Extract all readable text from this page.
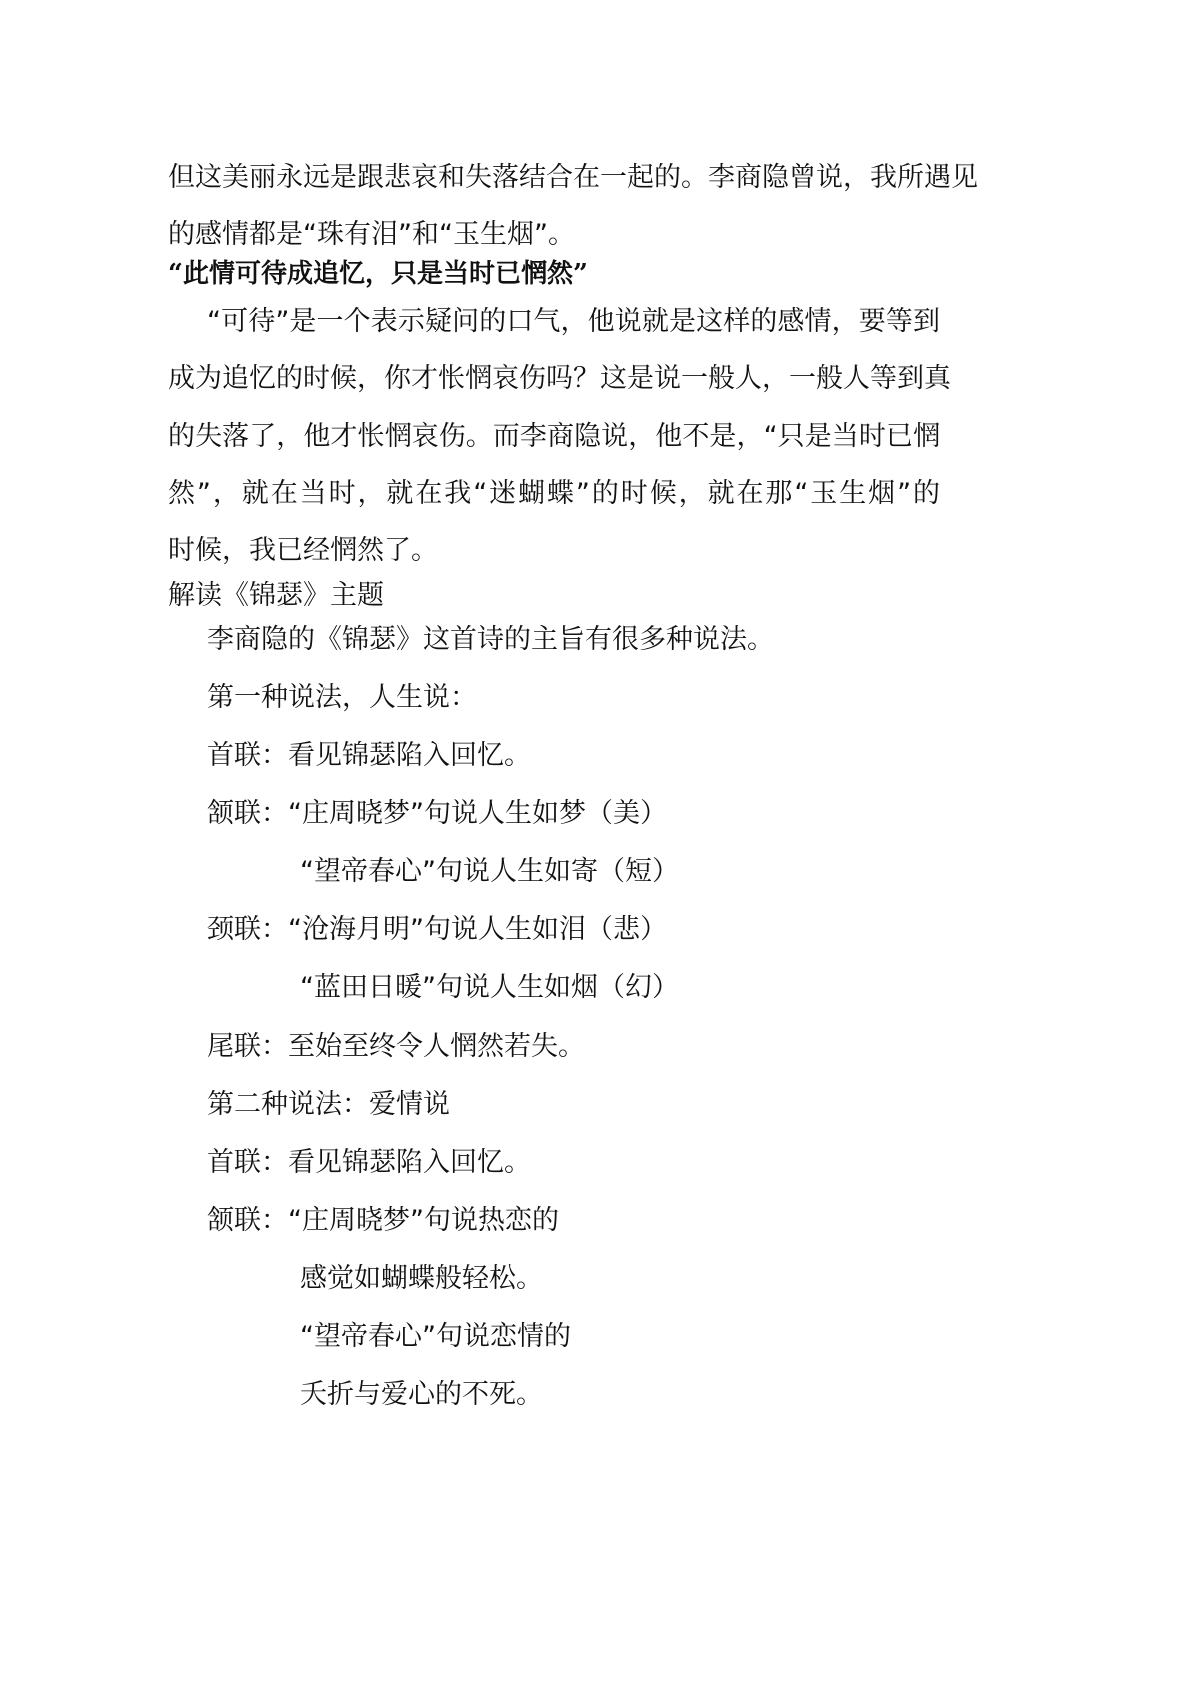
但这美丽永远是跟悲哀和失落结合在一起的。李商隐曾说，我所遇见
的感情都是“珠有泪”和“玉生烟”。
“此情可待成追忆，只是当时已惘然”
“可待”是一个表示疑问的口气，他说就是这样的感情，要等到
成为追忆的时候，你才怅惘哀伤吗？这是说一般人，一般人等到真
的失落了，他才怅惘哀伤。而李商隐说，他不是，“只是当时已惘
然”，就在当时，就在我“迷蝴蝶”的时候，就在那“玉生烟”的
时候，我已经惘然了。
解读《锦瑟》主题
李商隐的《锦瑟》这首诗的主旨有很多种说法。
第一种说法，人生说：
首联：看见锦瑟陷入回忆。
颔联：“庄周晓梦”句说人生如梦（美）
“望帝春心”句说人生如寄（短）
颈联：“沧海月明”句说人生如泪（悲）
“蓝田日暖”句说人生如烟（幻）
尾联：至始至终令人惘然若失。
第二种说法：爱情说
首联：看见锦瑟陷入回忆。
颔联：“庄周晓梦”句说热恋的
感觉如蝴蝶般轻松。
“望帝春心”句说恋情的
夭折与爱心的不死。
